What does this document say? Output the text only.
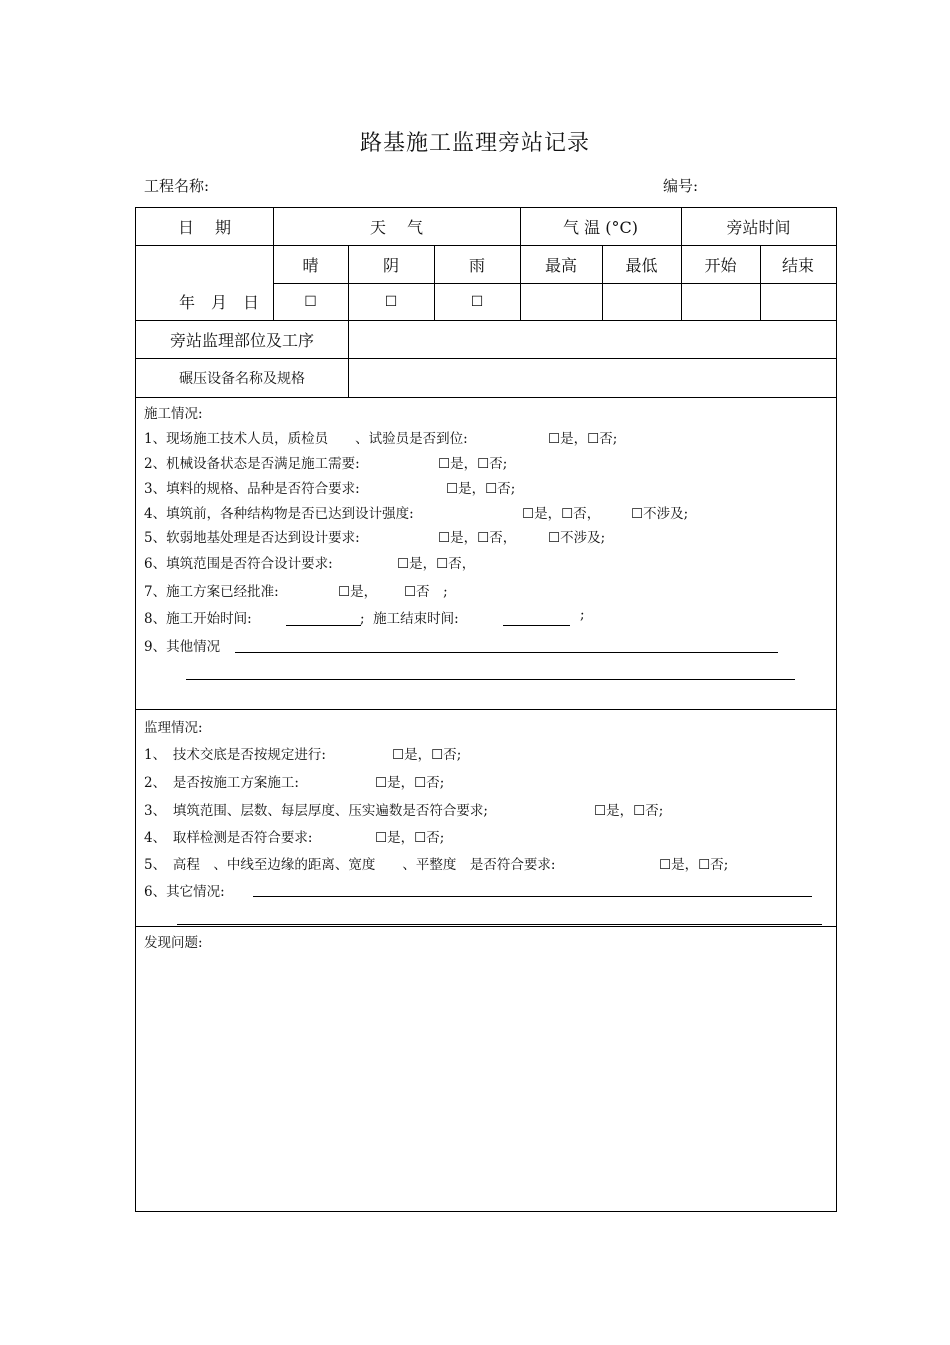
路基施工监理旁站记录
工程名称:	编号:
日　 期	天　 气	气 温 (°C)	旁站时间
晴	阴	雨	最高	最低	开始	结束
年　月　日	☐	☐	☐
旁站监理部位及工序
碾压设备名称及规格
施工情况:
1、现场施工技术人员，质检员　　、试验员是否到位:	☐是，☐否;
2、机械设备状态是否满足施工需要:	☐是，☐否;
3、填料的规格、品种是否符合要求:	☐是，☐否;
4、填筑前，各种结构物是否已达到设计强度:	☐是，☐否， ☐不涉及;
5、软弱地基处理是否达到设计要求:	☐是，☐否， ☐不涉及;
6、填筑范围是否符合设计要求:	☐是，☐否，
7、施工方案已经批准:	☐是， ☐否　;
8、施工开始时间:	;  施工结束时间:	;
9、其他情况
监理情况:
1、　技术交底是否按规定进行:	☐是，☐否;
2、　是否按施工方案施工:	☐是，☐否;
3、　填筑范围、层数、每层厚度、压实遍数是否符合要求;	☐是，☐否;
4、　取样检测是否符合要求:	☐是，☐否;
5、　高程　、中线至边缘的距离、宽度　　、平整度　是否符合要求:	☐是，☐否;
6、其它情况:
发现问题:
